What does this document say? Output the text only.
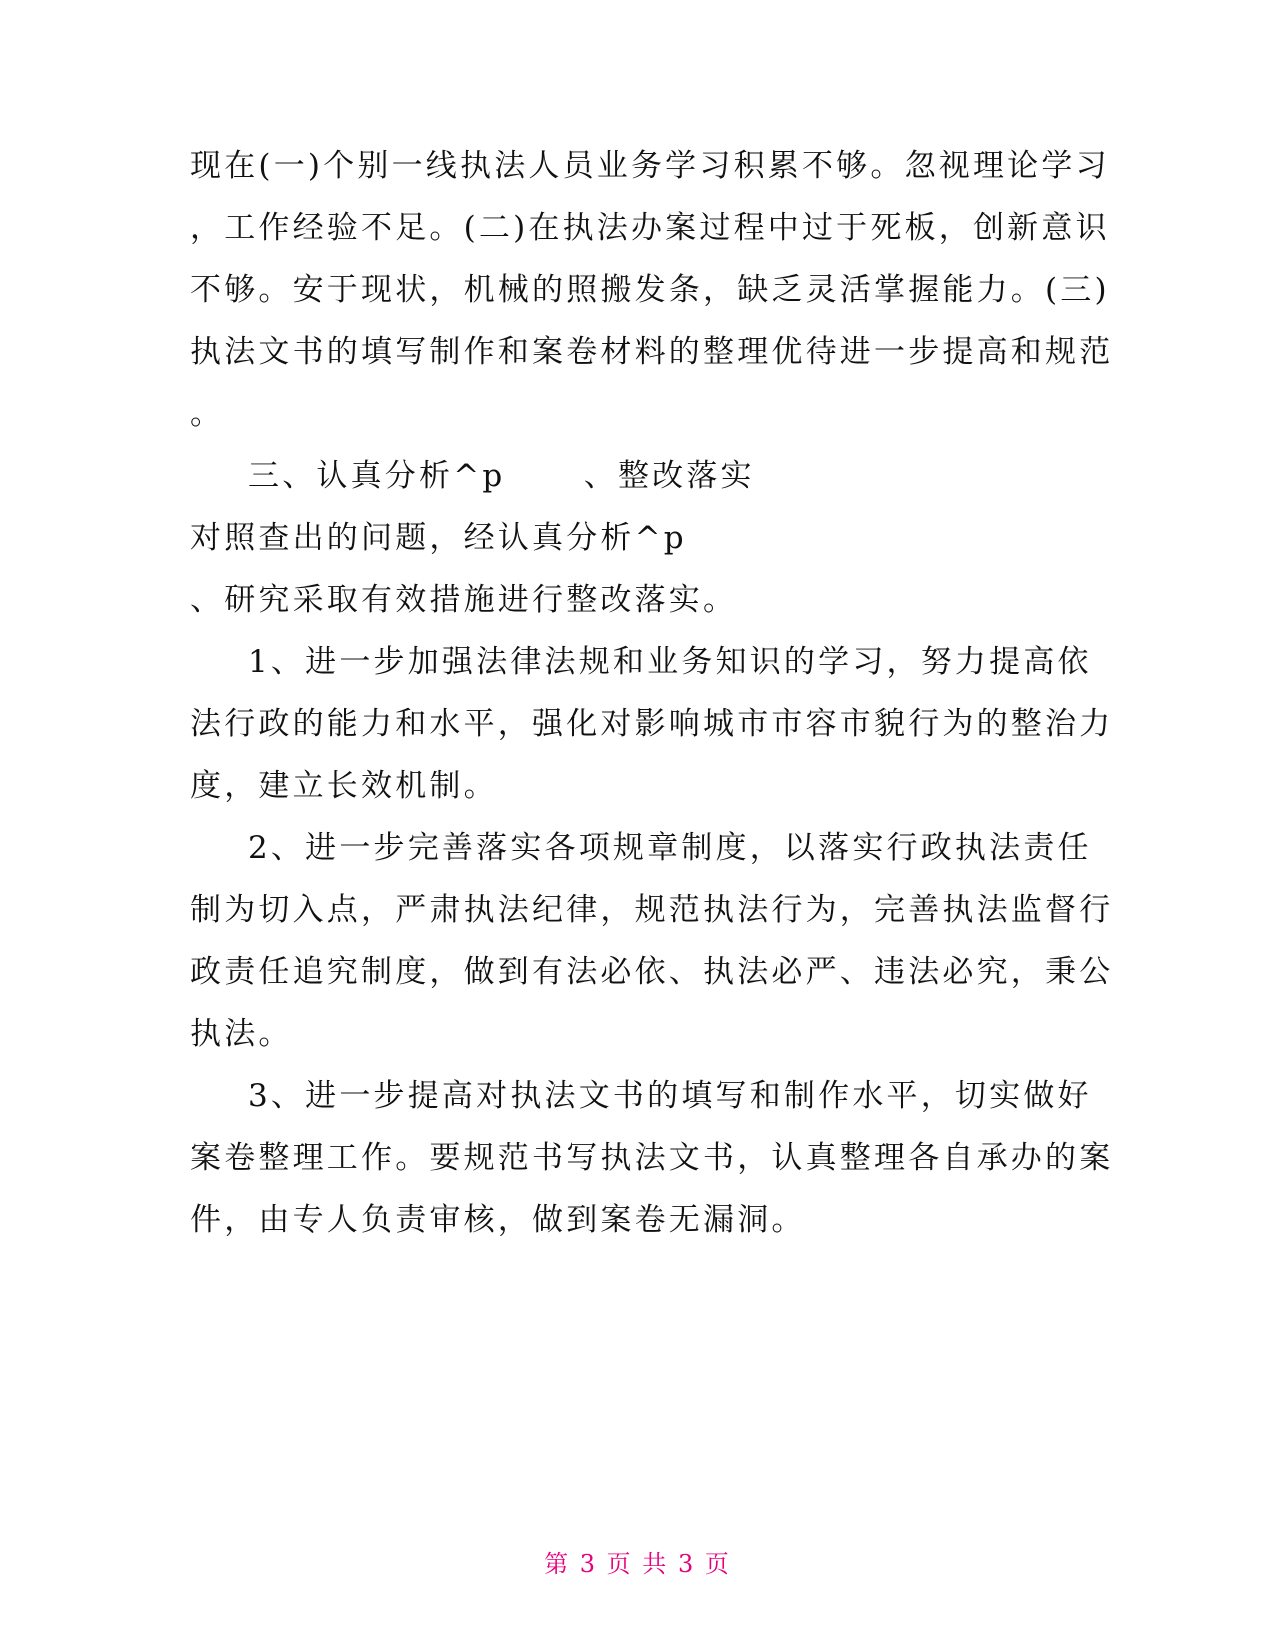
现在(一)个别一线执法人员业务学习积累不够。忽视理论学习
，工作经验不足。(二)在执法办案过程中过于死板，创新意识
不够。安于现状，机械的照搬发条，缺乏灵活掌握能力。(三)
执法文书的填写制作和案卷材料的整理优待进一步提高和规范
。
三、认真分析^p      、整改落实
对照查出的问题，经认真分析^p
、研究采取有效措施进行整改落实。
1、进一步加强法律法规和业务知识的学习，努力提高依
法行政的能力和水平，强化对影响城市市容市貌行为的整治力
度，建立长效机制。
2、进一步完善落实各项规章制度，以落实行政执法责任
制为切入点，严肃执法纪律，规范执法行为，完善执法监督行
政责任追究制度，做到有法必依、执法必严、违法必究，秉公
执法。
3、进一步提高对执法文书的填写和制作水平，切实做好
案卷整理工作。要规范书写执法文书，认真整理各自承办的案
件，由专人负责审核，做到案卷无漏洞。
第 3 页 共 3 页
